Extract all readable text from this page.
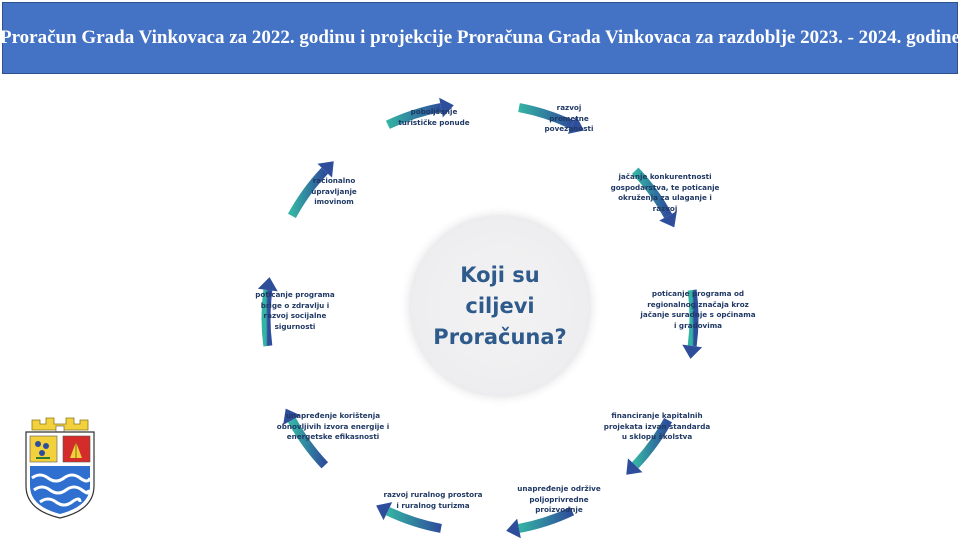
Proračun Grada Vinkovaca za 2022. godinu i projekcije Proračuna Grada Vinkovaca za razdoblje 2023. - 2024. godine
Koji su ciljevi
Proračuna?
razvoj
prometne
povezanosti
jačanje konkurentnosti
gospodarstva, te poticanje
okruženja za ulaganje i
razvoj
poticanje programa od
regionalnog značaja kroz
jačanje suradnje s općinama
i gradovima
financiranje kapitalnih
projekata izvan standarda
u sklopu školstva
unapređenje održive
poljoprivredne
proizvodnje
razvoj ruralnog prostora
i ruralnog turizma
unapređenje korištenja
obnovljivih izvora energije i
energetske efikasnosti
poticanje programa
brige o zdravlju i
razvoj socijalne
sigurnosti
racionalno
upravljanje
imovinom
poboljšanje
turističke ponude
